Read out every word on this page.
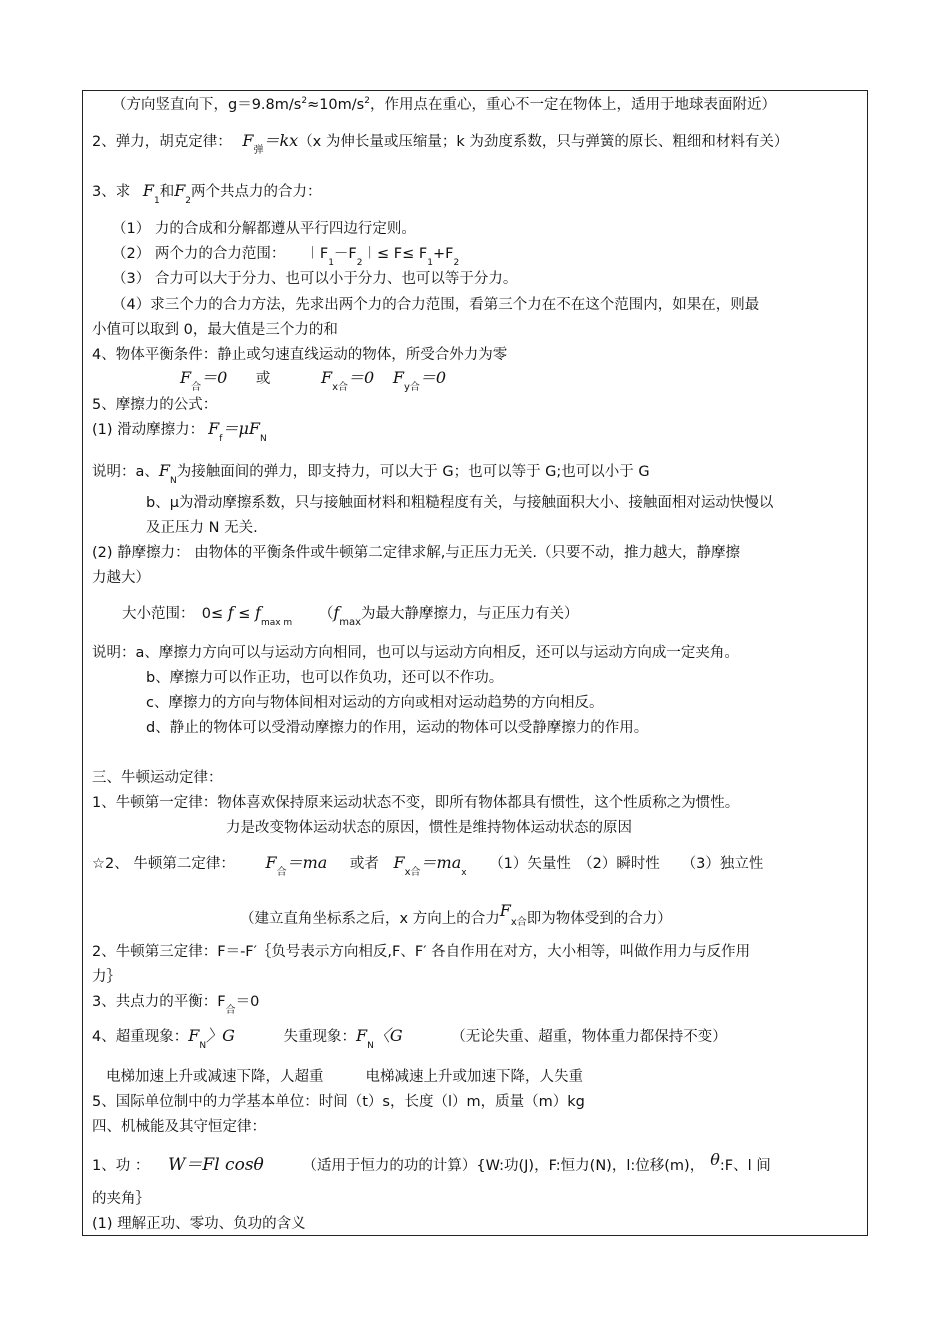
（方向竖直向下，$g=9.8m/s^2\approx 10m/s^2$，作用点在重心，重心不一定在物体上，适用于地球表面附近）
2、弹力，胡克定律： $F_弹=kx(x$ 为伸长量或压缩量；k 为劲度系数，只与弹簧的原长、粗细和材料有关）
3、求 $F_1$和$F_2$两个共点力的合力：
（1） 力的合成和分解都遵从平行四边行定则。
（2） 两个力的合力范围： $︱F_1-F_2︱\le F\le F_1+F_2$
（3） 合力可以大于分力、也可以小于分力、也可以等于分力。
（4）求三个力的合力方法，先求出两个力的合力范围，看第三个力在不在这个范围内，如果在，则最
小值可以取到 0，最大值是三个力的和
4、物体平衡条件：静止或匀速直线运动的物体，所受合外力为零
$F_合=0$ 或	$F_{x合}=0$ $F_{y合}=0$
5、摩擦力的公式：
(1) 滑动摩擦力： $F_f=\mu F_N$
说明：a、$F_N$为接触面间的弹力，即支持力，可以大于 G；也可以等于 G;也可以小于 G
b、μ为滑动摩擦系数，只与接触面材料和粗糙程度有关，与接触面积大小、接触面相对运动快慢以
及正压力 N 无关.
(2) 静摩擦力： 由物体的平衡条件或牛顿第二定律求解,与正压力无关.（只要不动，推力越大，静摩擦
力越大）
大小范围：　$0\le f \le f_{max m}$ （$f_{max}$为最大静摩擦力，与正压力有关）
说明：a、摩擦力方向可以与运动方向相同，也可以与运动方向相反，还可以与运动方向成一定夹角。
b、摩擦力可以作正功，也可以作负功，还可以不作功。
c、摩擦力的方向与物体间相对运动的方向或相对运动趋势的方向相反。
d、静止的物体可以受滑动摩擦力的作用，运动的物体可以受静摩擦力的作用。
三、牛顿运动定律：
1、牛顿第一定律：物体喜欢保持原来运动状态不变，即所有物体都具有惯性，这个性质称之为惯性。
力是改变物体运动状态的原因，惯性是维持物体运动状态的原因
☆2、 牛顿第二定律： $F_合=ma$ 或者 $F_{x合}=ma_x$ （1）矢量性　（2）瞬时性　　（3）独立性
（建立直角坐标系之后，x 方向上的合力Fx合即为物体受到的合力）
2、牛顿第三定律：F＝-F′｛负号表示方向相反,F、F′ 各自作用在对方，大小相等，叫做作用力与反作用
力｝
3、共点力的平衡：$F_合=0$
4、超重现象：$F_N$〉G	失重现象：$F_N$〈G	（无论失重、超重，物体重力都保持不变）
电梯加速上升或减速下降，人超重	电梯减速上升或加速下降，人失重
5、国际单位制中的力学基本单位：时间（t）s，长度（l）m，质量（m）kg
四、机械能及其守恒定律：
1、功 ： W＝Fl cosθ	（适用于恒力的功的计算）{W:功(J)，F:恒力(N)，l:位移(m)， θ:F、l 间
的夹角｝
(1) 理解正功、零功、负功的含义
